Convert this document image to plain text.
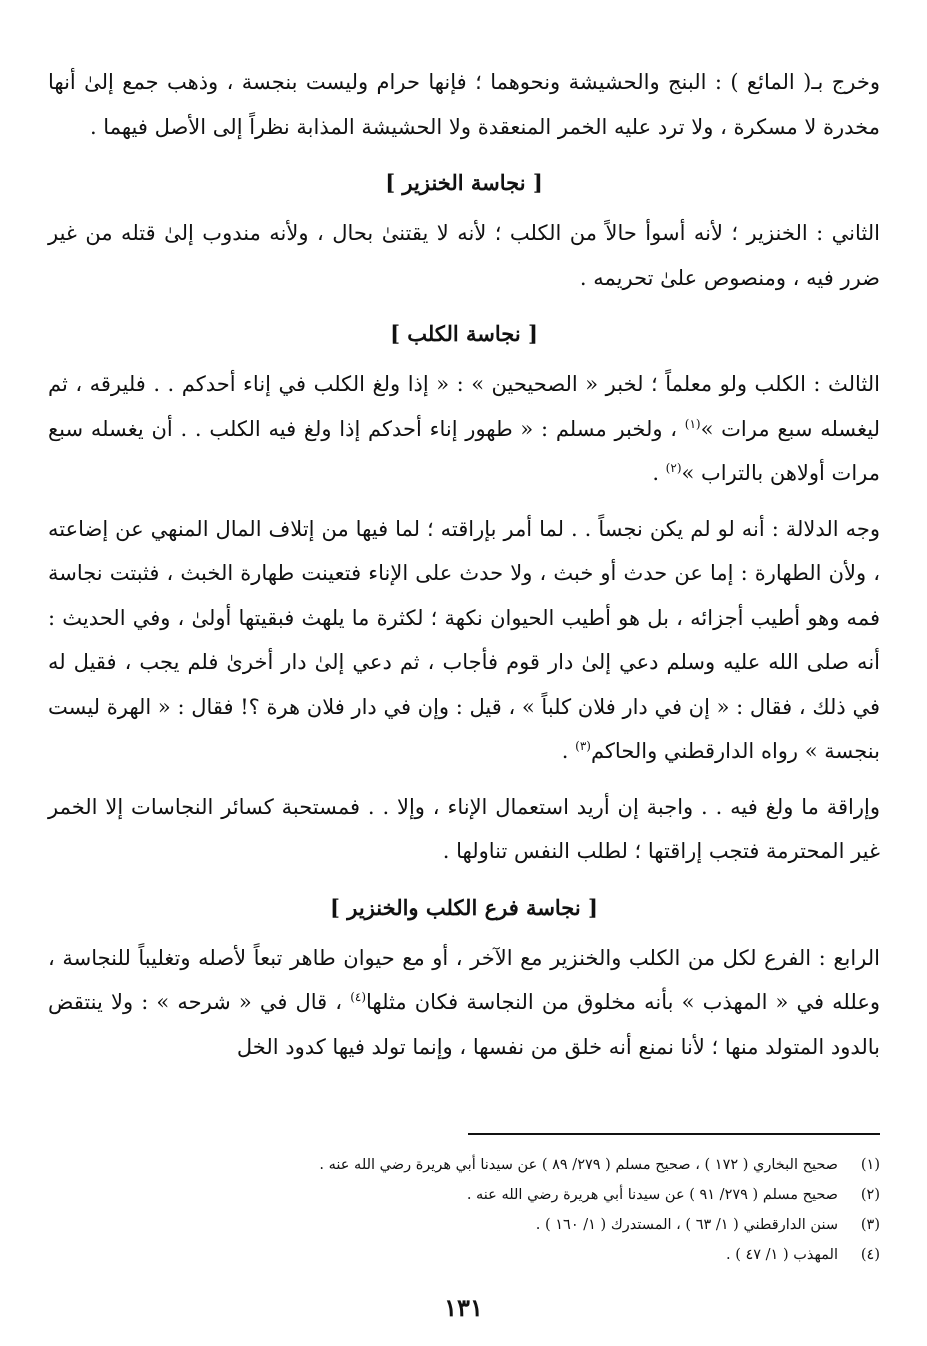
وخرج بـ( المائع ) : البنج والحشيشة ونحوهما ؛ فإنها حرام وليست بنجسة ، وذهب جمع إلىٰ أنها مخدرة لا مسكرة ، ولا ترد عليه الخمر المنعقدة ولا الحشيشة المذابة نظراً إلى الأصل فيهما .

[ نجاسة الخنزير ]

الثاني : الخنزير ؛ لأنه أسوأ حالاً من الكلب ؛ لأنه لا يقتنىٰ بحال ، ولأنه مندوب إلىٰ قتله من غير ضرر فيه ، ومنصوص علىٰ تحريمه .

[ نجاسة الكلب ]

الثالث : الكلب ولو معلماً ؛ لخبر « الصحيحين » : « إذا ولغ الكلب في إناء أحدكم . . فليرقه ، ثم ليغسله سبع مرات »$^{(١)}$ ، ولخبر مسلم : « طهور إناء أحدكم إذا ولغ فيه الكلب . . أن يغسله سبع مرات أولاهن بالتراب »$^{(٢)}$ .

وجه الدلالة : أنه لو لم يكن نجساً . . لما أمر بإراقته ؛ لما فيها من إتلاف المال المنهي عن إضاعته ، ولأن الطهارة : إما عن حدث أو خبث ، ولا حدث على الإناء فتعينت طهارة الخبث ، فثبتت نجاسة فمه وهو أطيب أجزائه ، بل هو أطيب الحيوان نكهة ؛ لكثرة ما يلهث فبقيتها أولىٰ ، وفي الحديث : أنه صلى الله عليه وسلم دعي إلىٰ دار قوم فأجاب ، ثم دعي إلىٰ دار أخرىٰ فلم يجب ، فقيل له في ذلك ، فقال : « إن في دار فلان كلباً » ، قيل : وإن في دار فلان هرة ؟! فقال : « الهرة ليست بنجسة » رواه الدارقطني والحاكم$^{(٣)}$ .

وإراقة ما ولغ فيه . . واجبة إن أريد استعمال الإناء ، وإلا . . فمستحبة كسائر النجاسات إلا الخمر غير المحترمة فتجب إراقتها ؛ لطلب النفس تناولها .

[ نجاسة فرع الكلب والخنزير ]

الرابع : الفرع لكل من الكلب والخنزير مع الآخر ، أو مع حيوان طاهر تبعاً لأصله وتغليباً للنجاسة ، وعلله في « المهذب » بأنه مخلوق من النجاسة فكان مثلها$^{(٤)}$ ، قال في « شرحه » : ولا ينتقض بالدود المتولد منها ؛ لأنا نمنع أنه خلق من نفسها ، وإنما تولد فيها كدود الخل

(١)
صحيح البخاري ( ١٧٢ ) ، صحيح مسلم ( ٢٧٩/ ٨٩ ) عن سيدنا أبي هريرة رضي الله عنه .
(٢)
صحيح مسلم ( ٢٧٩/ ٩١ ) عن سيدنا أبي هريرة رضي الله عنه .
(٣)
سنن الدارقطني ( ١/ ٦٣ ) ، المستدرك ( ١/ ١٦٠ ) .
(٤)
المهذب ( ١/ ٤٧ ) .
١٣١
